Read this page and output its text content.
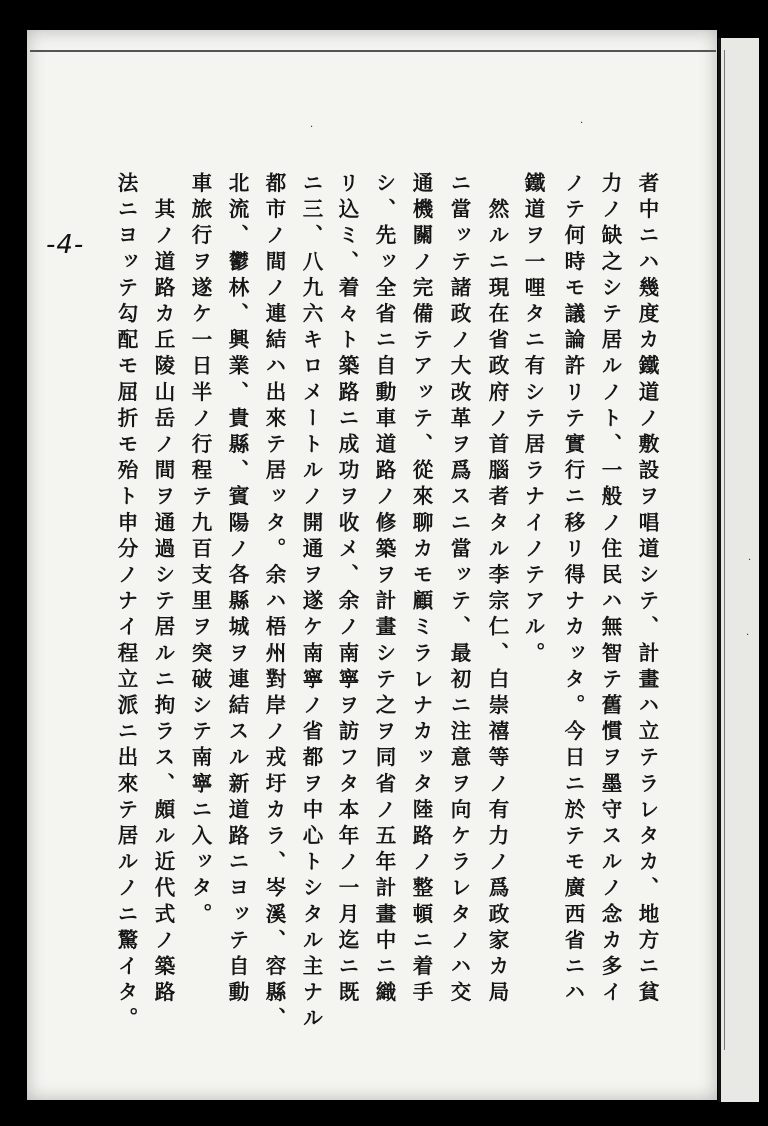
-4-	者中ニハ幾度カ鐵道ノ敷設ヲ唱道シテ、計畫ハ立テラレタカ、地方ニ貧
力ノ缺之シテ居ルノト、一般ノ住民ハ無智テ舊慣ヲ墨守スルノ念カ多イ
ノテ何時モ議論許リテ實行ニ移リ得ナカッタ。今日ニ於テモ廣西省ニハ
鐵道ヲ一哩タニ有シテ居ラナイノテアル。
　然ルニ現在省政府ノ首腦者タル李宗仁、白崇禧等ノ有力ノ爲政家カ局
ニ當ッテ諸政ノ大改革ヲ爲スニ當ッテ、最初ニ注意ヲ向ケラレタノハ交
通機關ノ完備テアッテ、從來聊カモ顧ミラレナカッタ陸路ノ整頓ニ着手
シ、先ッ全省ニ自動車道路ノ修築ヲ計畫シテ之ヲ同省ノ五年計畫中ニ織
リ込ミ、着々ト築路ニ成功ヲ收メ、余ノ南寧ヲ訪フタ本年ノ一月迄ニ既
ニ三、八九六キロメートルノ開通ヲ遂ケ南寧ノ省都ヲ中心トシタル主ナル
都市ノ間ノ連結ハ出來テ居ッタ。余ハ梧州對岸ノ戎圩カラ、岑溪、容縣、
北流、鬱林、興業、貴縣、賓陽ノ各縣城ヲ連結スル新道路ニヨッテ自動
車旅行ヲ遂ケ一日半ノ行程テ九百支里ヲ突破シテ南寧ニ入ッタ。
　其ノ道路カ丘陵山岳ノ間ヲ通過シテ居ルニ拘ラス、頗ル近代式ノ築路
法ニヨッテ勾配モ屈折モ殆ト申分ノナイ程立派ニ出來テ居ルノニ驚イタ。
·	·
·
·
